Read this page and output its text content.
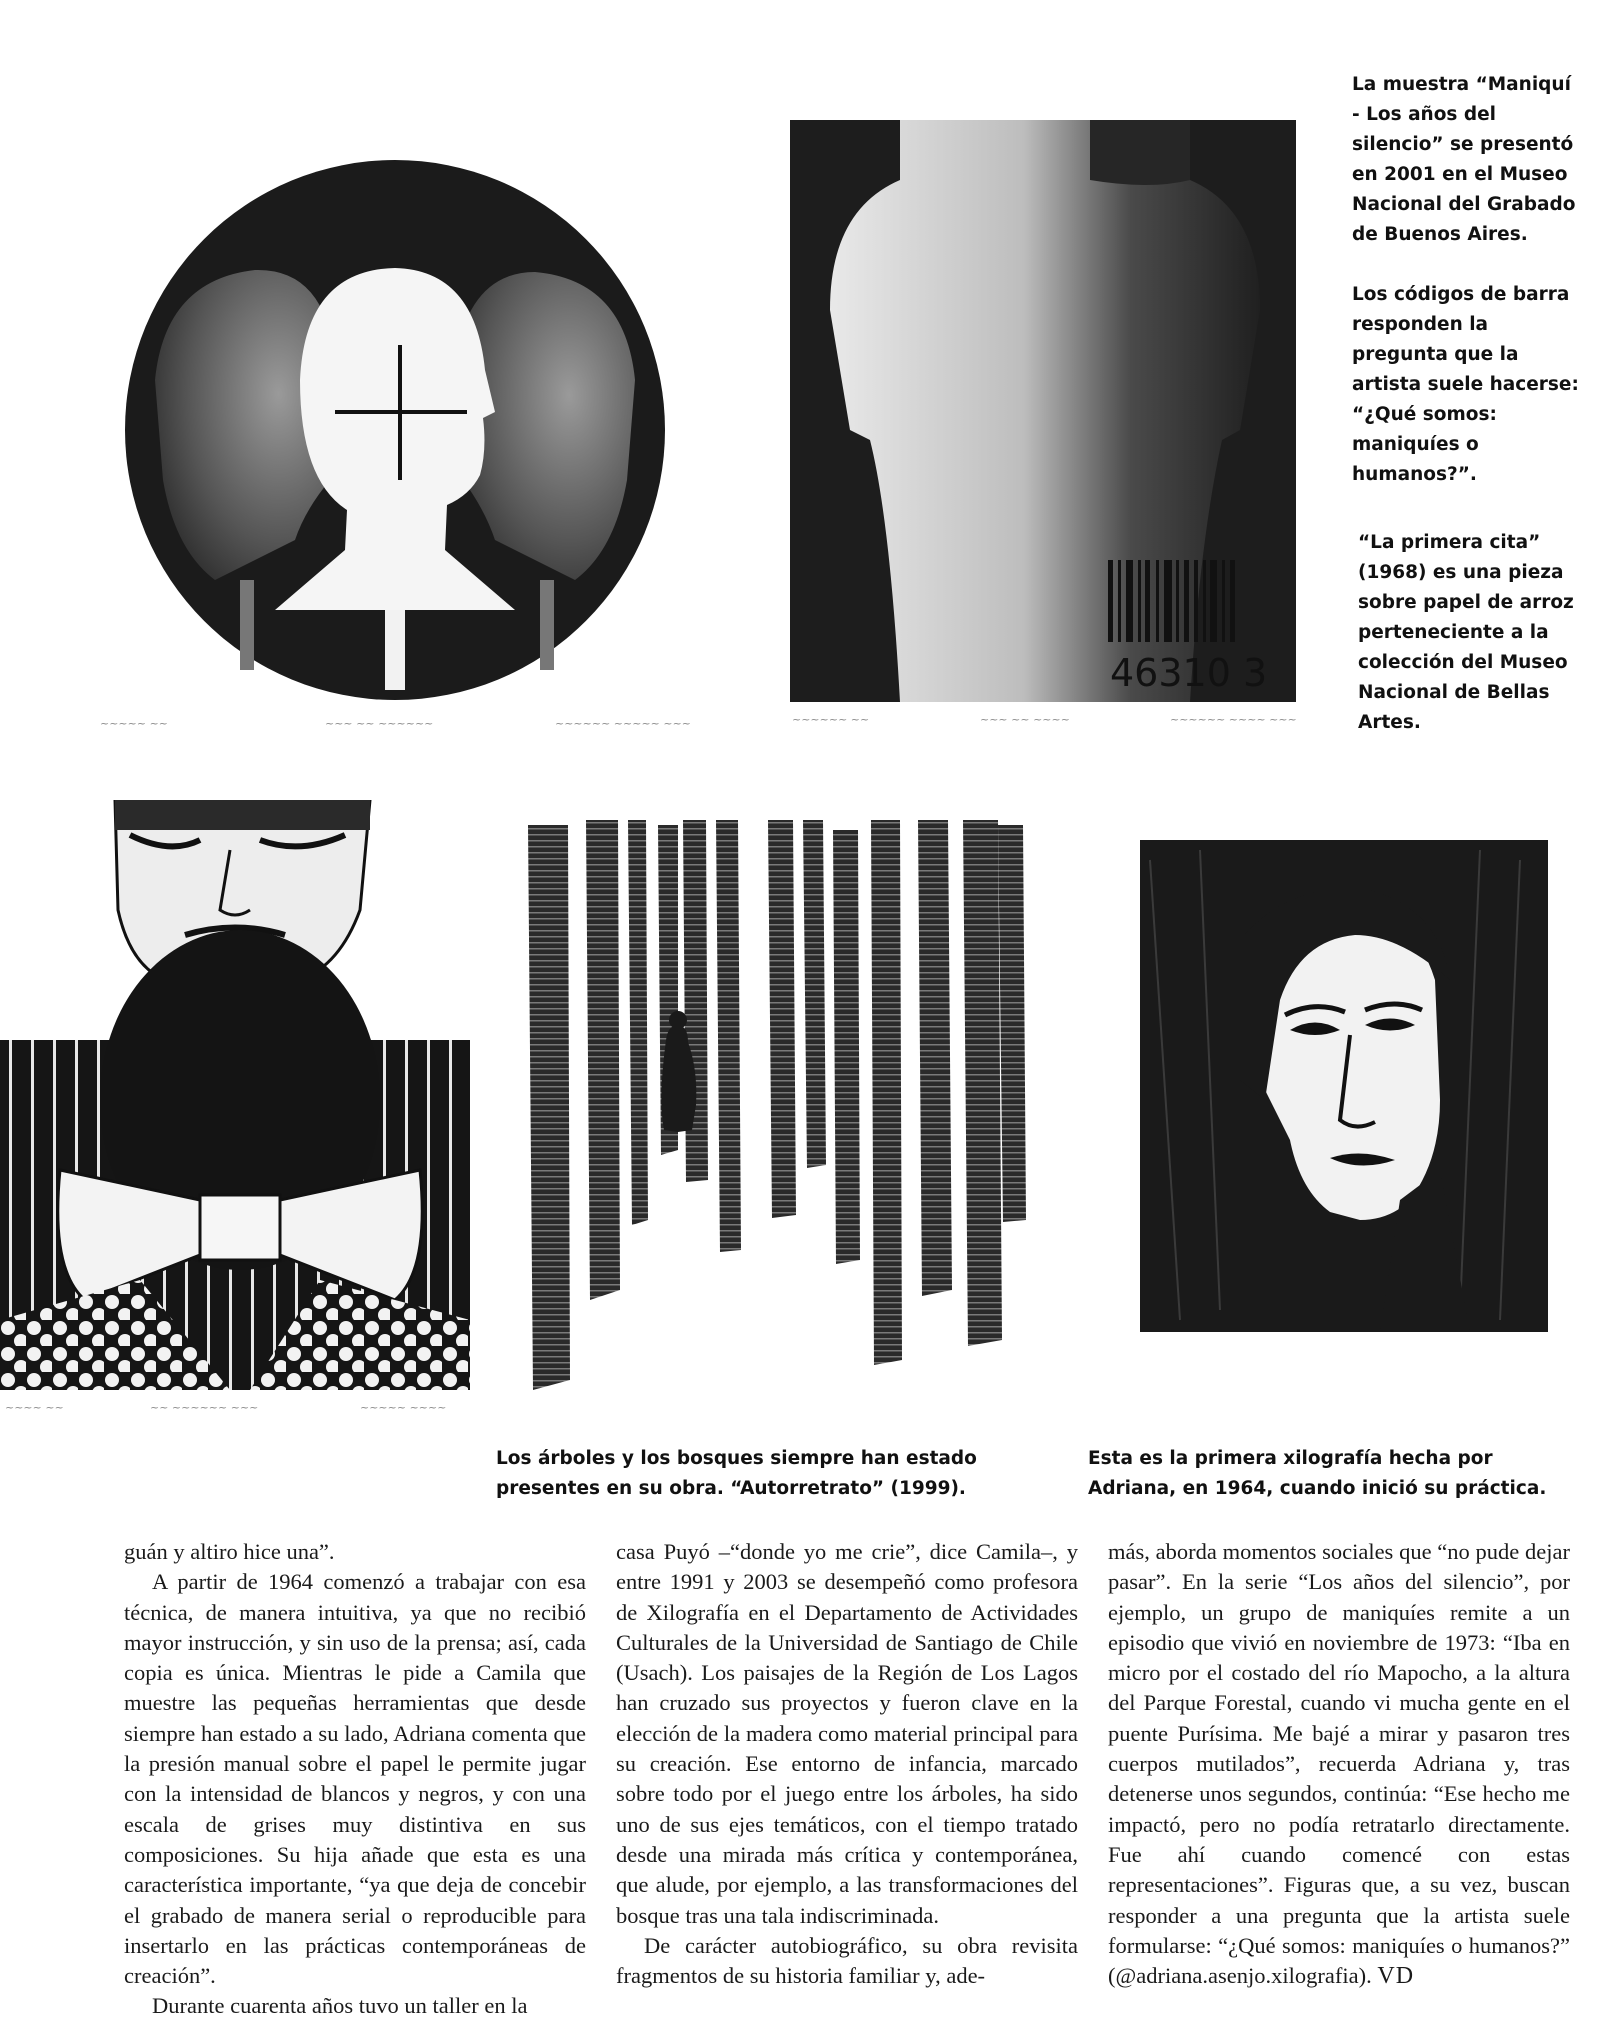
~~~~~ ~~	~~~ ~~ ~~~~~~	~~~~~~ ~~~~~ ~~~
46310 3
~~~~~~ ~~	~~~ ~~ ~~~~	~~~~~~ ~~~~ ~~~

La muestra “Maniquí - Los años del silencio” se presentó en 2001 en el Museo Nacional del Grabado de Buenos Aires.

Los códigos de barra responden la pregunta que la artista suele hacerse: “¿Qué somos: maniquíes o humanos?”.

“La primera cita” (1968) es una pieza sobre papel de arroz perteneciente a la colección del Museo Nacional de Bellas Artes.

~~~~ ~~	~~ ~~~~~~ ~~~	~~~~~ ~~~~

Los árboles y los bosques siempre han estado presentes en su obra. “Autorretrato” (1999).

Esta es la primera xilografía hecha por Adriana, en 1964, cuando inició su práctica.

guán y altiro hice una”.

A partir de 1964 comenzó a trabajar con esa técnica, de manera intuitiva, ya que no recibió mayor instrucción, y sin uso de la prensa; así, cada copia es única. Mientras le pide a Camila que muestre las pequeñas herramientas que desde siempre han estado a su lado, Adriana comenta que la presión manual sobre el papel le permite jugar con la intensidad de blancos y negros, y con una escala de grises muy distintiva en sus composiciones. Su hija añade que esta es una característica importante, “ya que deja de concebir el grabado de manera serial o reproducible para insertarlo en las prácticas contemporáneas de creación”.

Durante cuarenta años tuvo un taller en la

casa Puyó –“donde yo me crie”, dice Camila–, y entre 1991 y 2003 se desempeñó como profesora de Xilografía en el Departamento de Actividades Culturales de la Universidad de Santiago de Chile (Usach). Los paisajes de la Región de Los Lagos han cruzado sus proyectos y fueron clave en la elección de la madera como material principal para su creación. Ese entorno de infancia, marcado sobre todo por el juego entre los árboles, ha sido uno de sus ejes temáticos, con el tiempo tratado desde una mirada más crítica y contemporánea, que alude, por ejemplo, a las transformaciones del bosque tras una tala indiscriminada.

De carácter autobiográfico, su obra revisita fragmentos de su historia familiar y, ade-

más, aborda momentos sociales que “no pude dejar pasar”. En la serie “Los años del silencio”, por ejemplo, un grupo de maniquíes remite a un episodio que vivió en noviembre de 1973: “Iba en micro por el costado del río Mapocho, a la altura del Parque Forestal, cuando vi mucha gente en el puente Purísima. Me bajé a mirar y pasaron tres cuerpos mutilados”, recuerda Adriana y, tras detenerse unos segundos, continúa: “Ese hecho me impactó, pero no podía retratarlo directamente. Fue ahí cuando comencé con estas representaciones”. Figuras que, a su vez, buscan responder a una pregunta que la artista suele formularse: “¿Qué somos: maniquíes o humanos?” (@adriana.asenjo.xilografia). VD
